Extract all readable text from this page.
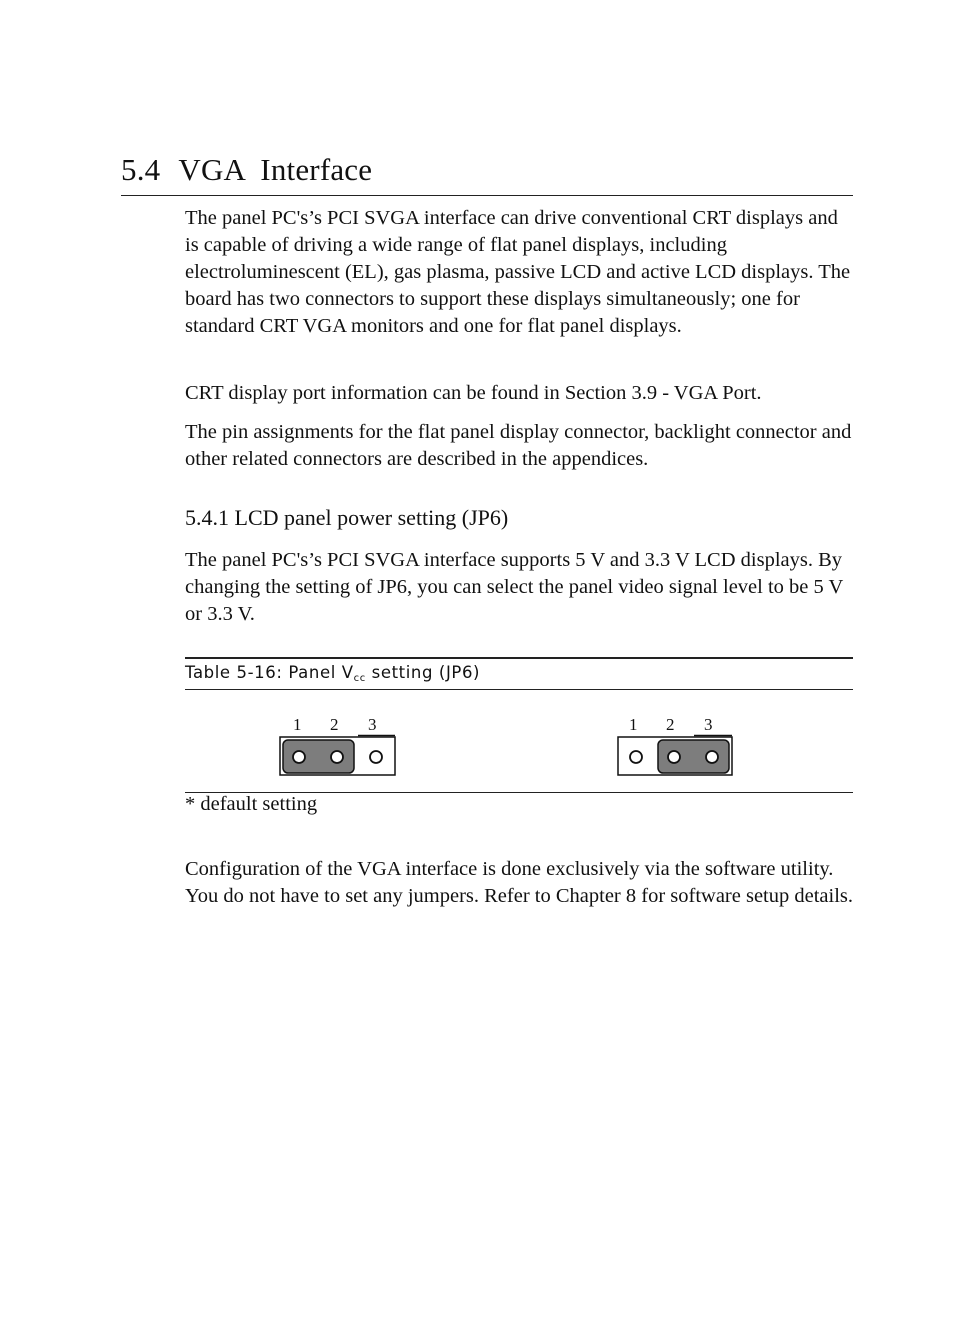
5.4 VGA  Interface

The panel PC's’s PCI SVGA interface can drive conventional CRT displays and is capable of driving a wide range of flat panel displays, including electroluminescent (EL), gas plasma, passive LCD and active LCD displays. The board has two connectors to support these displays simultaneously; one for standard CRT VGA monitors and one for flat panel displays.

CRT display port information can be found in Section 3.9 - VGA Port.

The pin assignments for the flat panel display connector, backlight connector and other related connectors are described in the appendices.

5.4.1 LCD panel power setting (JP6)

The panel PC's’s PCI SVGA interface supports 5 V and 3.3 V LCD displays. By changing the setting of JP6, you can select the panel video signal level to be 5 V or 3.3 V.

Table 5-16: Panel $V_{cc}$ setting (JP6)
1 2 3	1 2 3
* default setting

Configuration of the VGA interface is done exclusively via the software utility. You do not have to set any jumpers. Refer to Chapter 8 for software setup details.
